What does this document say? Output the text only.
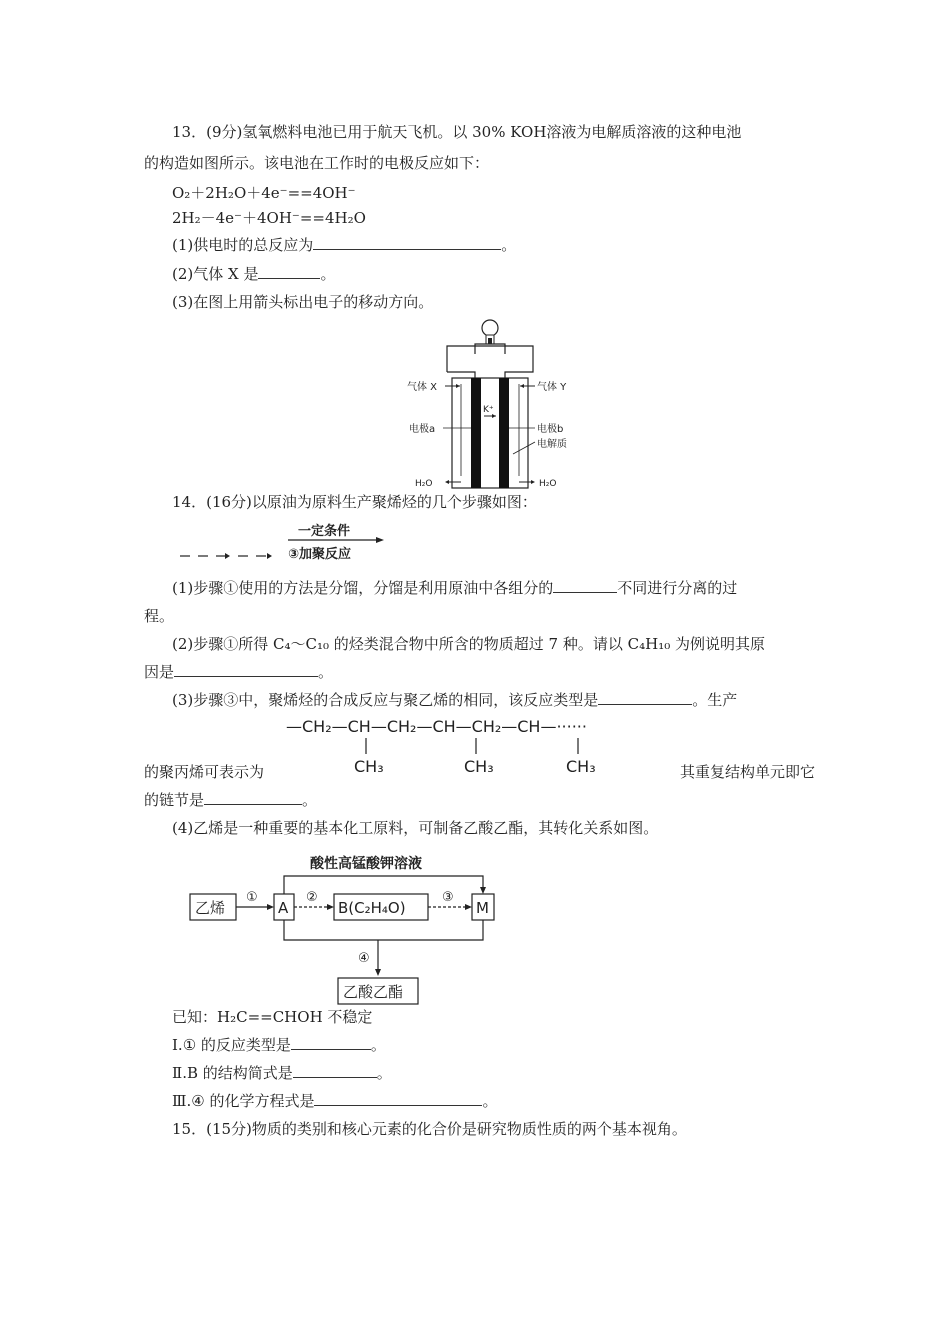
13．(9分)氢氧燃料电池已用于航天飞机。以 30% KOH溶液为电解质溶液的这种电池
的构造如图所示。该电池在工作时的电极反应如下：
O₂＋2H₂O＋4e⁻==4OH⁻
2H₂－4e⁻＋4OH⁻==4H₂O
(1)供电时的总反应为	。
(2)气体 X 是	。
(3)在图上用箭头标出电子的移动方向。
气体 X	气体 Y
K⁺
电极a	电极b
电解质
H₂O	H₂O
14．(16分)以原油为原料生产聚烯烃的几个步骤如图：
一定条件
③加聚反应
(1)步骤①使用的方法是分馏，分馏是利用原油中各组分的	不同进行分离的过
程。
(2)步骤①所得 C₄～C₁₀ 的烃类混合物中所含的物质超过 7 种。请以 C₄H₁₀ 为例说明其原
因是	。
(3)步骤③中，聚烯烃的合成反应与聚乙烯的相同，该反应类型是	。生产
—CH₂—CH—CH₂—CH—CH₂—CH—······
CH₃	CH₃	CH₃
的聚丙烯可表示为	其重复结构单元即它
的链节是	。
(4)乙烯是一种重要的基本化工原料，可制备乙酸乙酯，其转化关系如图。
酸性高锰酸钾溶液
乙烯	A	B(C₂H₄O)	M
①	②	③
④
乙酸乙酯
已知：H₂C==CHOH 不稳定
Ⅰ.① 的反应类型是	。
Ⅱ.B 的结构简式是	。
Ⅲ.④ 的化学方程式是	。
15．(15分)物质的类别和核心元素的化合价是研究物质性质的两个基本视角。
